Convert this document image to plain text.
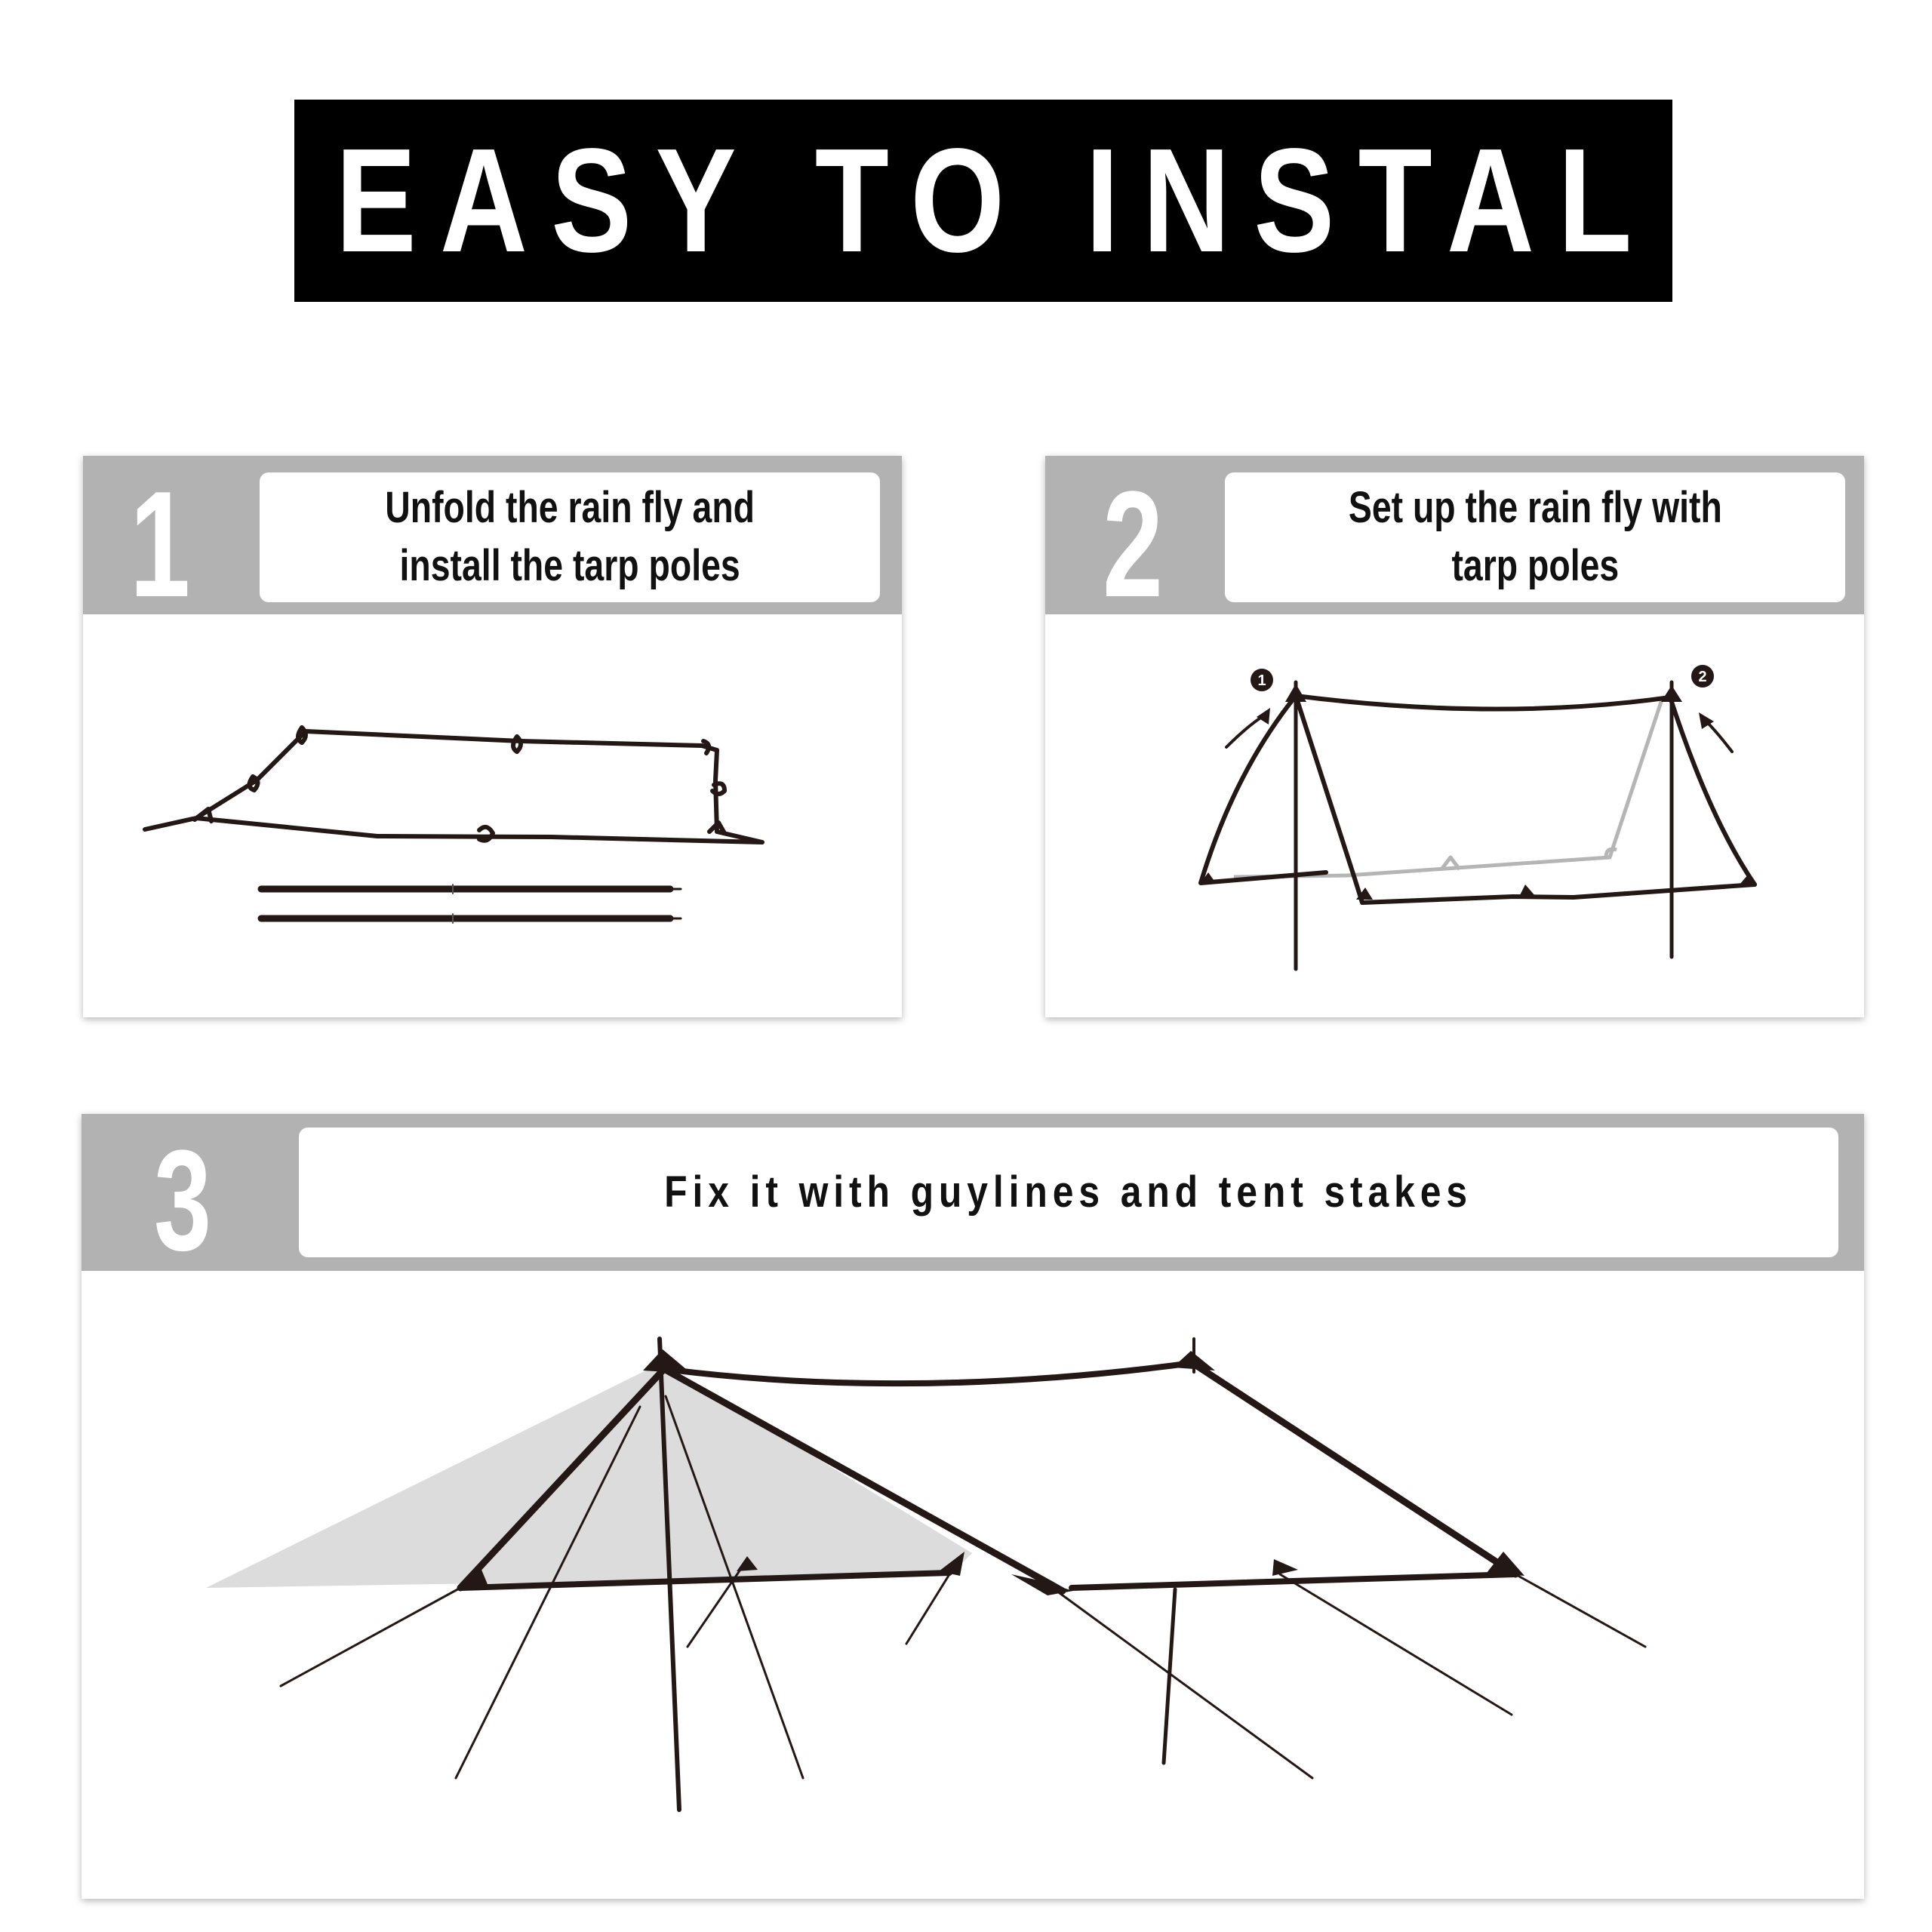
EASY TO INSTAL
1	Unfold the rain fly and
install the tarp poles 2	Set up the rain fly with
tarp poles
1	2
3	Fix it with guylines and tent stakes
